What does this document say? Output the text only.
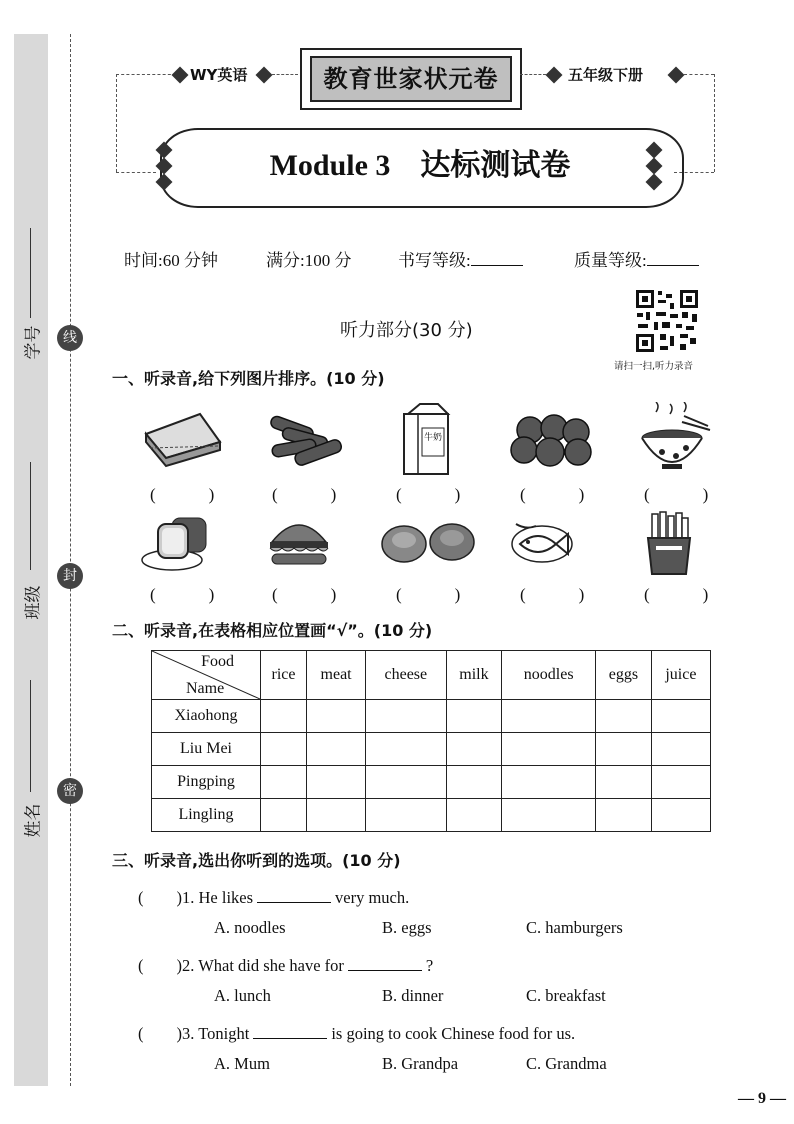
学号
班级
姓名
线
封
密
WY英语	教育世家状元卷	五年级下册
Module 3　达标测试卷
时间:60 分钟	满分:100 分	书写等级:	质量等级:
听力部分(30 分)
请扫一扫,听力录音
一、听录音,给下列图片排序。(10 分)
牛奶
(　) (　) (　) (　) (　)
(　) (　) (　) (　) (　)
二、听录音,在表格相应位置画“√”。(10 分)
Food
Name	rice	meat	cheese	milk	noodles	eggs	juice
Xiaohong							
Liu Mei							
Pingping							
Lingling							
三、听录音,选出你听到的选项。(10 分)
(　　)1. He likes	very much.
A. noodles	B. eggs	C. hamburgers
(　　)2. What did she have for	?
A. lunch	B. dinner	C. breakfast
(　　)3. Tonight	is going to cook Chinese food for us.
A. Mum	B. Grandpa	C. Grandma
— 9 —
